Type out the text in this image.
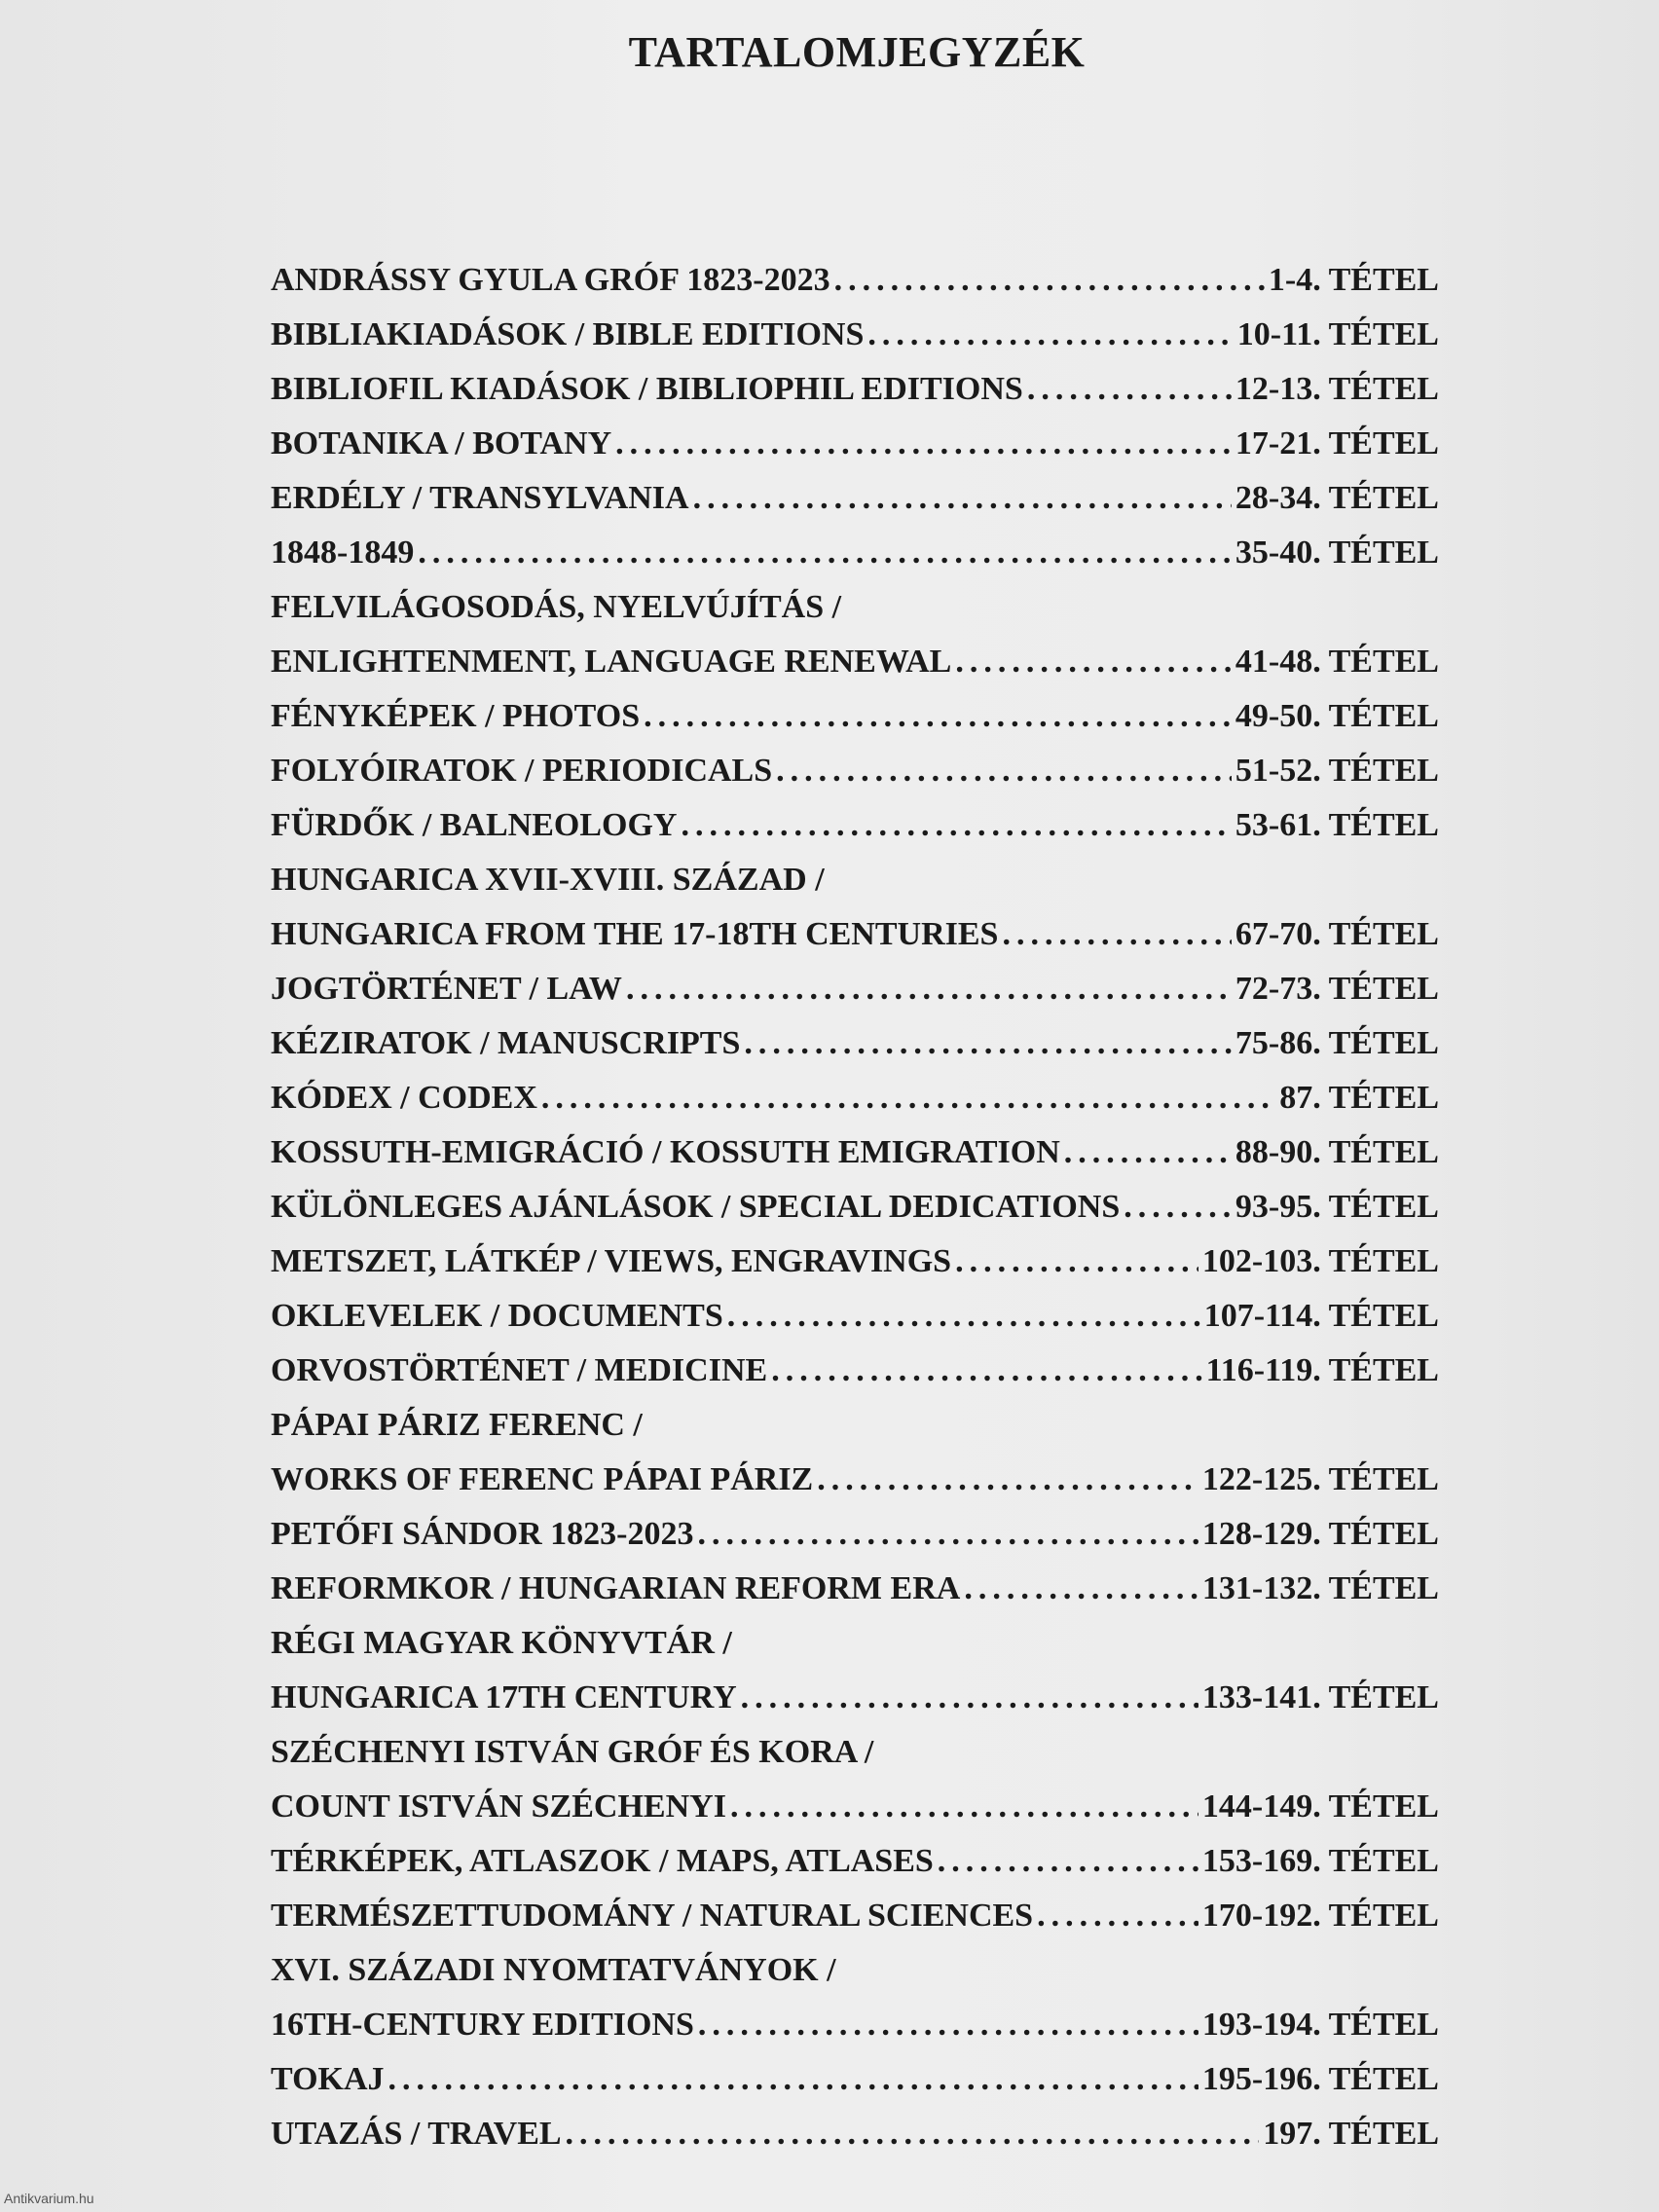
TARTALOMJEGYZÉK
ANDRÁSSY GYULA GRÓF 1823-2023 .....	1-4. TÉTEL
BIBLIAKIADÁSOK / BIBLE EDITIONS .....	10-11. TÉTEL
BIBLIOFIL KIADÁSOK / BIBLIOPHIL EDITIONS .....	12-13. TÉTEL
BOTANIKA / BOTANY .....	17-21. TÉTEL
ERDÉLY / TRANSYLVANIA .....	28-34. TÉTEL
1848-1849 .....	35-40. TÉTEL
FELVILÁGOSODÁS, NYELVÚJÍTÁS /
ENLIGHTENMENT, LANGUAGE RENEWAL .....	41-48. TÉTEL
FÉNYKÉPEK / PHOTOS .....	49-50. TÉTEL
FOLYÓIRATOK / PERIODICALS .....	51-52. TÉTEL
FÜRDŐK / BALNEOLOGY .....	53-61. TÉTEL
HUNGARICA XVII-XVIII. SZÁZAD /
HUNGARICA FROM THE 17-18TH CENTURIES .....	67-70. TÉTEL
JOGTÖRTÉNET / LAW .....	72-73. TÉTEL
KÉZIRATOK / MANUSCRIPTS .....	75-86. TÉTEL
KÓDEX / CODEX .....	87. TÉTEL
KOSSUTH-EMIGRÁCIÓ / KOSSUTH EMIGRATION .....	88-90. TÉTEL
KÜLÖNLEGES AJÁNLÁSOK / SPECIAL DEDICATIONS .....	93-95. TÉTEL
METSZET, LÁTKÉP / VIEWS, ENGRAVINGS .....	102-103. TÉTEL
OKLEVELEK / DOCUMENTS .....	107-114. TÉTEL
ORVOSTÖRTÉNET / MEDICINE .....	116-119. TÉTEL
PÁPAI PÁRIZ FERENC /
WORKS OF FERENC PÁPAI PÁRIZ .....	122-125. TÉTEL
PETŐFI SÁNDOR 1823-2023 .....	128-129. TÉTEL
REFORMKOR / HUNGARIAN REFORM ERA .....	131-132. TÉTEL
RÉGI MAGYAR KÖNYVTÁR /
HUNGARICA 17TH CENTURY .....	133-141. TÉTEL
SZÉCHENYI ISTVÁN GRÓF ÉS KORA /
COUNT ISTVÁN SZÉCHENYI .....	144-149. TÉTEL
TÉRKÉPEK, ATLASZOK / MAPS, ATLASES .....	153-169. TÉTEL
TERMÉSZETTUDOMÁNY / NATURAL SCIENCES .....	170-192. TÉTEL
XVI. SZÁZADI NYOMTATVÁNYOK /
16TH-CENTURY EDITIONS .....	193-194. TÉTEL
TOKAJ .....	195-196. TÉTEL
UTAZÁS / TRAVEL .....	197. TÉTEL
Antikvarium.hu
